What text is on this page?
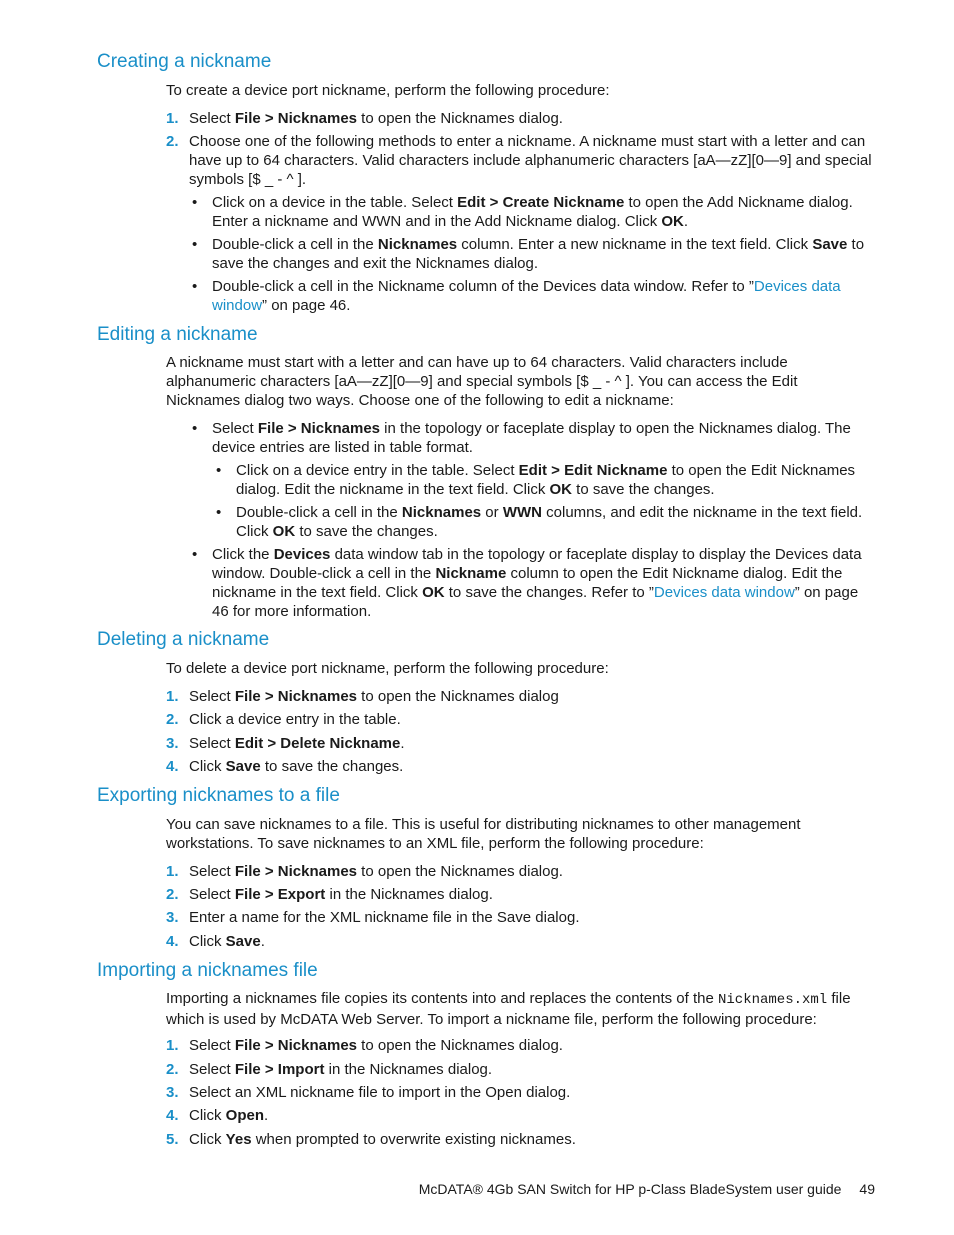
Creating a nickname

To create a device port nickname, perform the following procedure:

1. Select File > Nicknames to open the Nicknames dialog.

2. Choose one of the following methods to enter a nickname. A nickname must start with a letter and can have up to 64 characters. Valid characters include alphanumeric characters [aA—zZ][0—9] and special symbols [$ _ - ^ ].

• Click on a device in the table. Select Edit > Create Nickname to open the Add Nickname dialog. Enter a nickname and WWN and in the Add Nickname dialog. Click OK.

• Double-click a cell in the Nicknames column. Enter a new nickname in the text field. Click Save to save the changes and exit the Nicknames dialog.

• Double-click a cell in the Nickname column of the Devices data window. Refer to ”Devices data window” on page 46.

Editing a nickname

A nickname must start with a letter and can have up to 64 characters. Valid characters include alphanumeric characters [aA—zZ][0—9] and special symbols [$ _ - ^ ]. You can access the Edit Nicknames dialog two ways. Choose one of the following to edit a nickname:

• Select File > Nicknames in the topology or faceplate display to open the Nicknames dialog. The device entries are listed in table format.

• Click on a device entry in the table. Select Edit > Edit Nickname to open the Edit Nicknames dialog. Edit the nickname in the text field. Click OK to save the changes.

• Double-click a cell in the Nicknames or WWN columns, and edit the nickname in the text field. Click OK to save the changes.

• Click the Devices data window tab in the topology or faceplate display to display the Devices data window. Double-click a cell in the Nickname column to open the Edit Nickname dialog. Edit the nickname in the text field. Click OK to save the changes. Refer to ”Devices data window” on page 46 for more information.

Deleting a nickname

To delete a device port nickname, perform the following procedure:

1. Select File > Nicknames to open the Nicknames dialog

2. Click a device entry in the table.

3. Select Edit > Delete Nickname.

4. Click Save to save the changes.

Exporting nicknames to a file

You can save nicknames to a file. This is useful for distributing nicknames to other management workstations. To save nicknames to an XML file, perform the following procedure:

1. Select File > Nicknames to open the Nicknames dialog.

2. Select File > Export in the Nicknames dialog.

3. Enter a name for the XML nickname file in the Save dialog.

4. Click Save.

Importing a nicknames file

Importing a nicknames file copies its contents into and replaces the contents of the Nicknames.xml file which is used by McDATA Web Server. To import a nickname file, perform the following procedure:

1. Select File > Nicknames to open the Nicknames dialog.

2. Select File > Import in the Nicknames dialog.

3. Select an XML nickname file to import in the Open dialog.

4. Click Open.

5. Click Yes when prompted to overwrite existing nicknames.

McDATA® 4Gb SAN Switch for HP p-Class BladeSystem user guide 49
